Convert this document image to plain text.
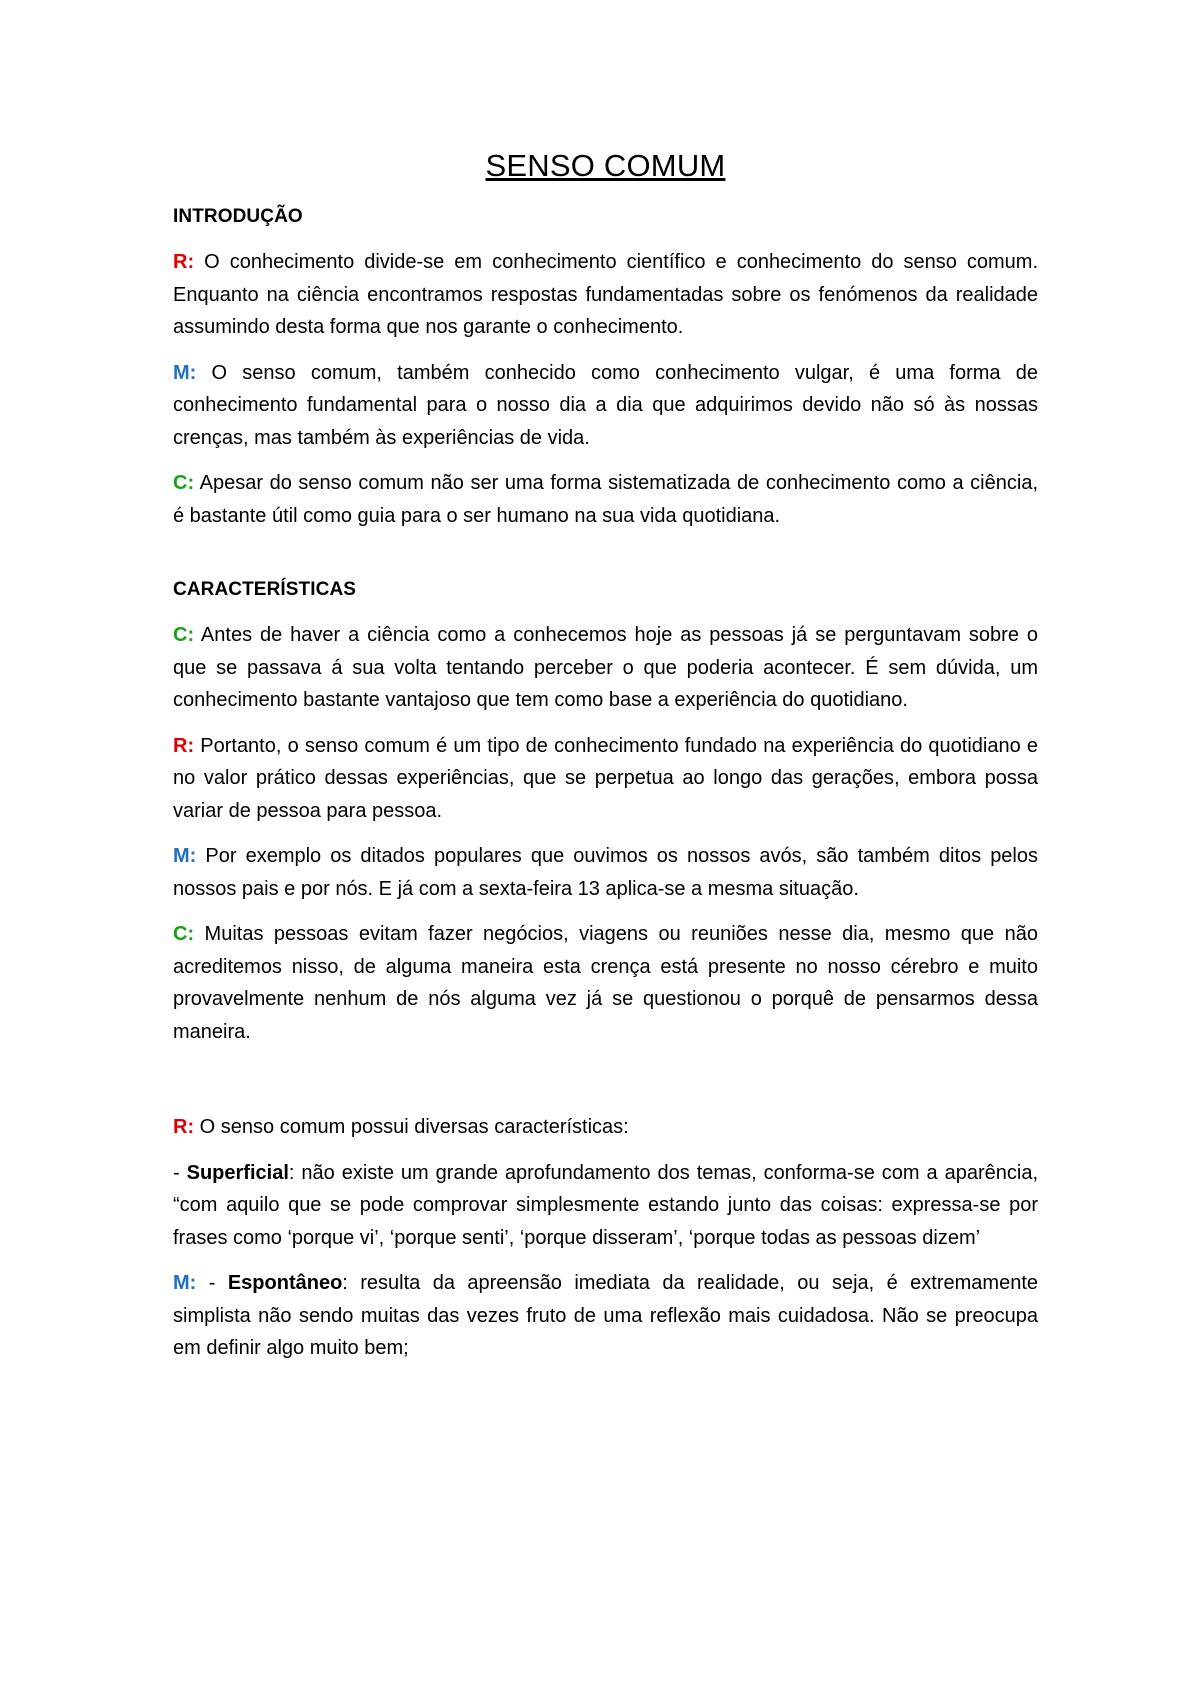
SENSO COMUM
INTRODUÇÃO

R: O conhecimento divide-se em conhecimento científico e conhecimento do senso comum. Enquanto na ciência encontramos respostas fundamentadas sobre os fenómenos da realidade assumindo desta forma que nos garante o conhecimento.

M: O senso comum, também conhecido como conhecimento vulgar, é uma forma de conhecimento fundamental para o nosso dia a dia que adquirimos devido não só às nossas crenças, mas também às experiências de vida.

C: Apesar do senso comum não ser uma forma sistematizada de conhecimento como a ciência, é bastante útil como guia para o ser humano na sua vida quotidiana.

CARACTERÍSTICAS

C: Antes de haver a ciência como a conhecemos hoje as pessoas já se perguntavam sobre o que se passava á sua volta tentando perceber o que poderia acontecer. É sem dúvida, um conhecimento bastante vantajoso que tem como base a experiência do quotidiano.

R: Portanto, o senso comum é um tipo de conhecimento fundado na experiência do quotidiano e no valor prático dessas experiências, que se perpetua ao longo das gerações, embora possa variar de pessoa para pessoa.

M: Por exemplo os ditados populares que ouvimos os nossos avós, são também ditos pelos nossos pais e por nós. E já com a sexta-feira 13 aplica-se a mesma situação.

C: Muitas pessoas evitam fazer negócios, viagens ou reuniões nesse dia, mesmo que não acreditemos nisso, de alguma maneira esta crença está presente no nosso cérebro e muito provavelmente nenhum de nós alguma vez já se questionou o porquê de pensarmos dessa maneira.

R: O senso comum possui diversas características:

- Superficial: não existe um grande aprofundamento dos temas, conforma-se com a aparência, “com aquilo que se pode comprovar simplesmente estando junto das coisas: expressa-se por frases como ‘porque vi’, ‘porque senti’, ‘porque disseram’, ‘porque todas as pessoas dizem’

M: - Espontâneo: resulta da apreensão imediata da realidade, ou seja, é extremamente simplista não sendo muitas das vezes fruto de uma reflexão mais cuidadosa. Não se preocupa em definir algo muito bem;
